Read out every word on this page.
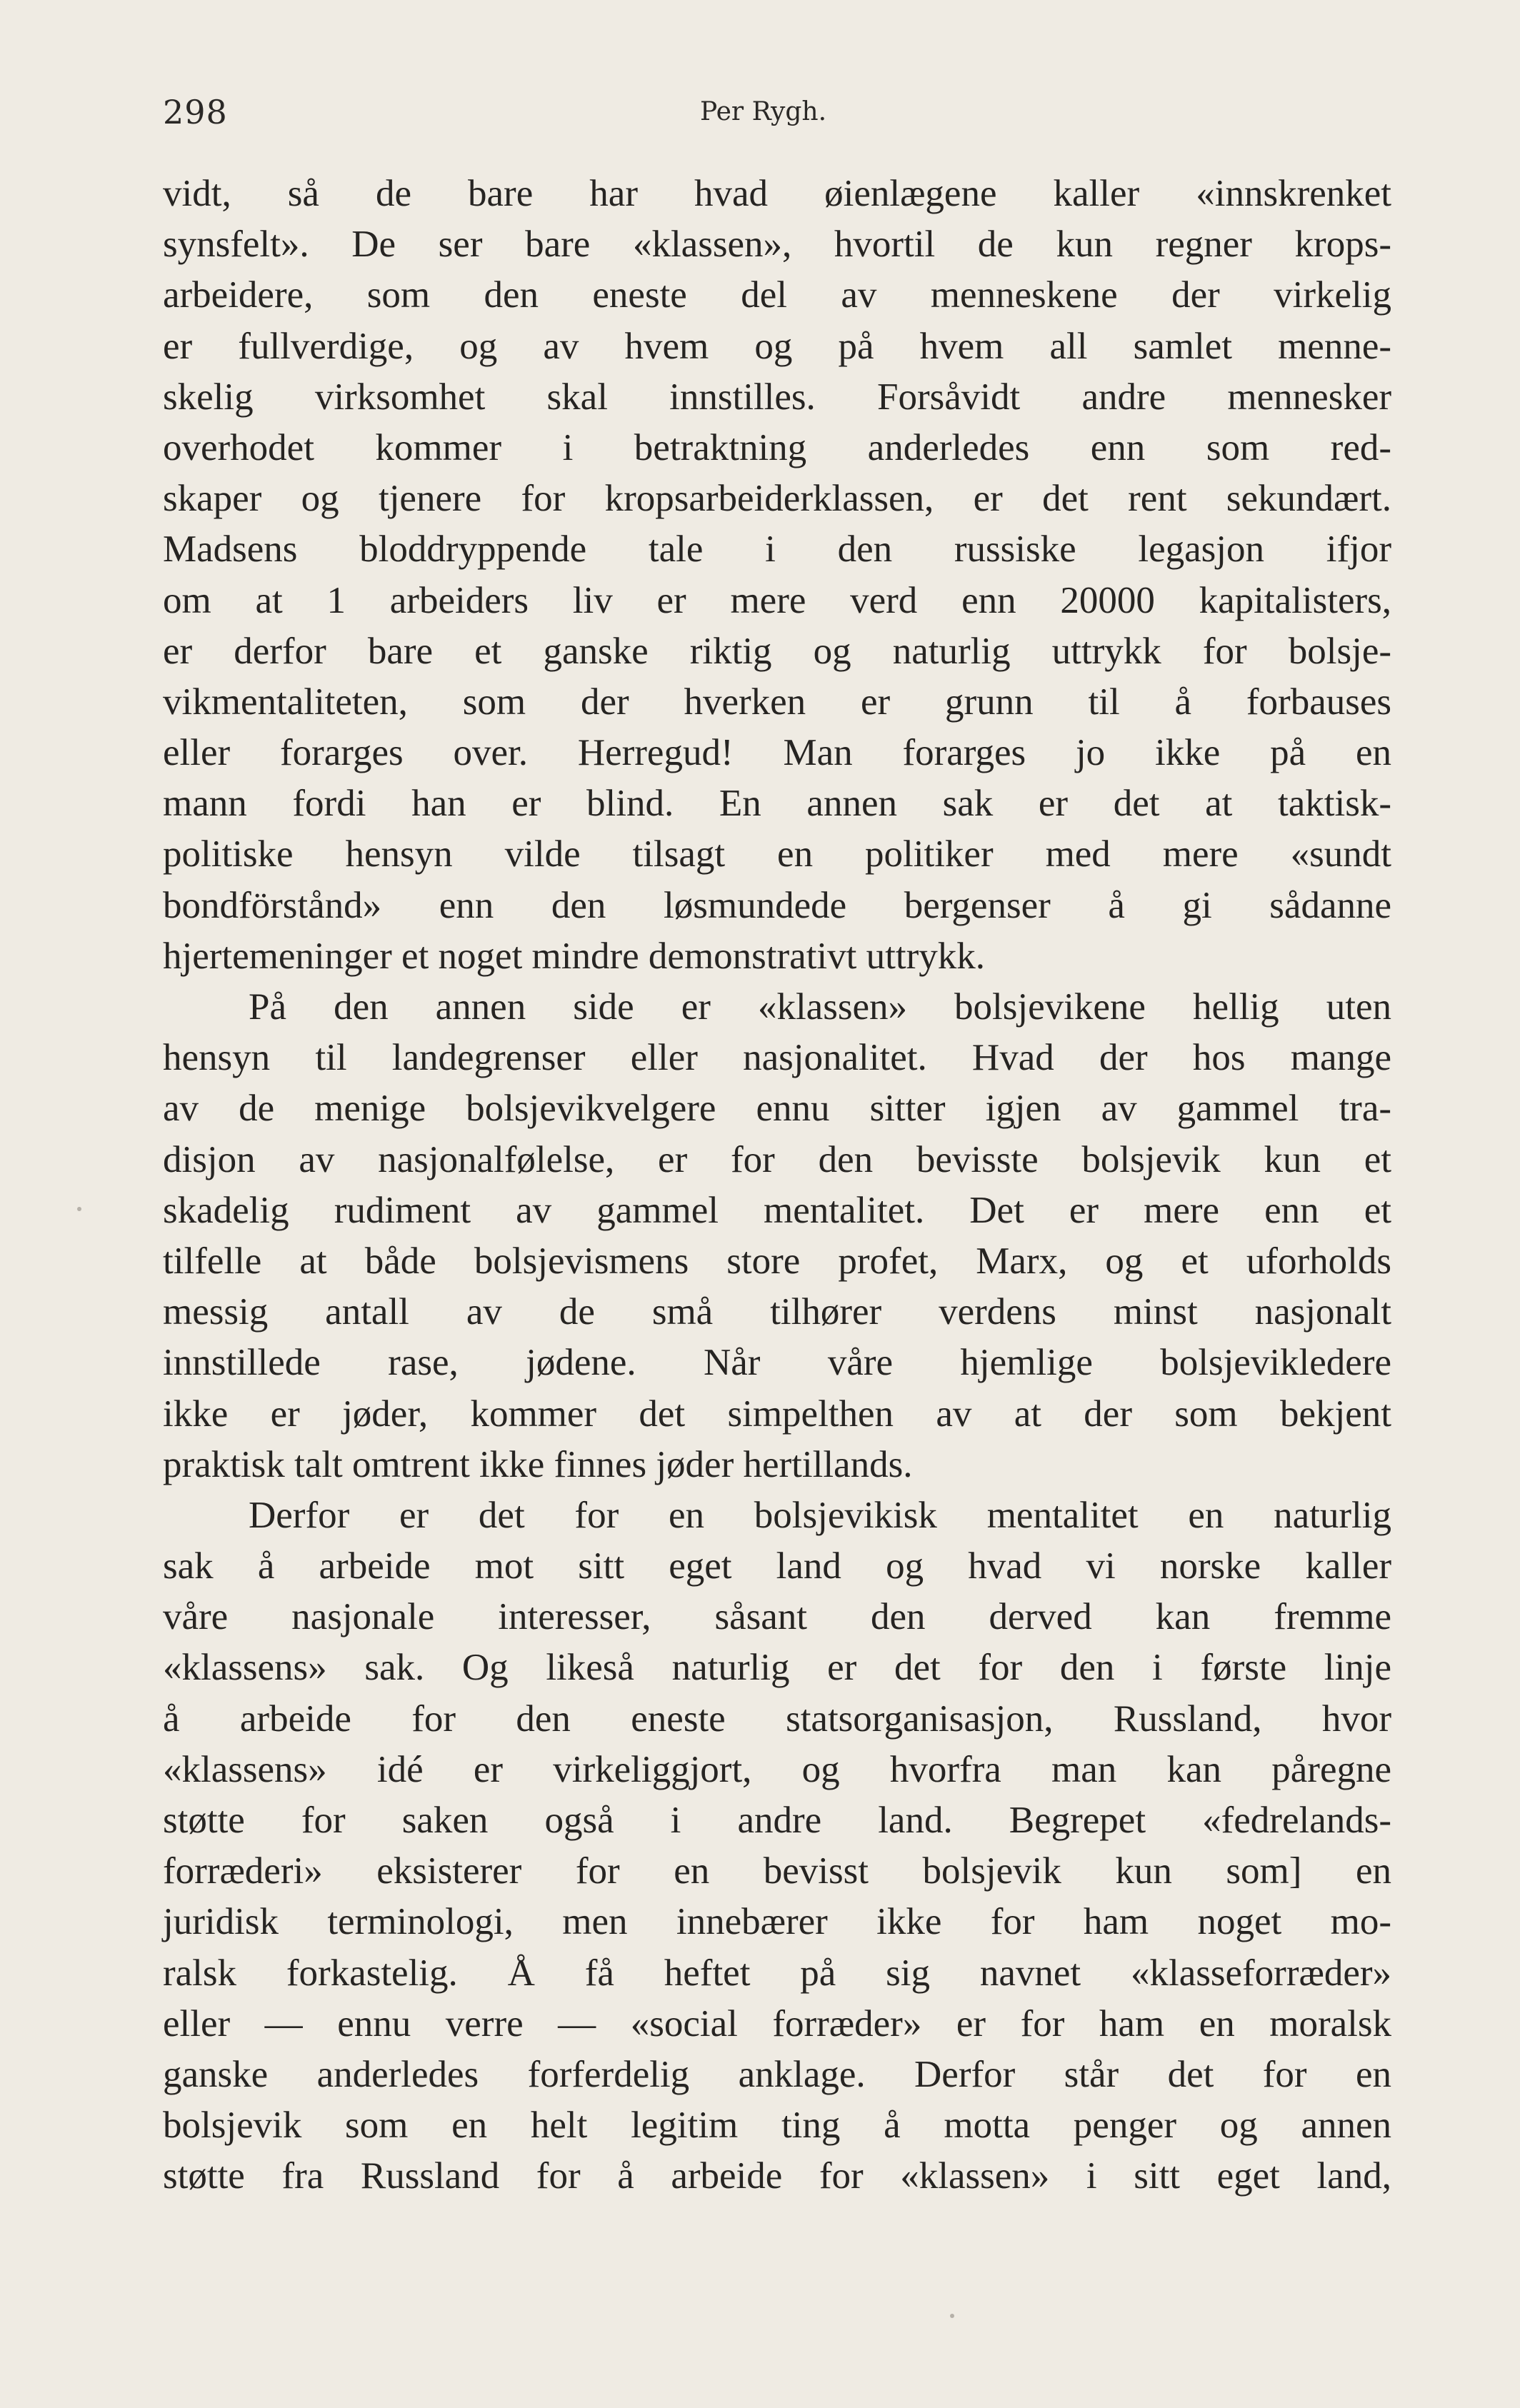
298	Per Rygh.
vidt, så de bare har hvad øienlægene kaller «innskrenket
synsfelt». De ser bare «klassen», hvortil de kun regner krops-
arbeidere, som den eneste del av menneskene der virkelig
er fullverdige, og av hvem og på hvem all samlet menne-
skelig virksomhet skal innstilles. Forsåvidt andre mennesker
overhodet kommer i betraktning anderledes enn som red-
skaper og tjenere for kropsarbeiderklassen, er det rent sekundært.
Madsens bloddryppende tale i den russiske legasjon ifjor
om at 1 arbeiders liv er mere verd enn 20000 kapitalisters,
er derfor bare et ganske riktig og naturlig uttrykk for bolsje-
vikmentaliteten, som der hverken er grunn til å forbauses
eller forarges over. Herregud! Man forarges jo ikke på en
mann fordi han er blind. En annen sak er det at taktisk-
politiske hensyn vilde tilsagt en politiker med mere «sundt
bondförstånd» enn den løsmundede bergenser å gi sådanne
hjertemeninger et noget mindre demonstrativt uttrykk.
På den annen side er «klassen» bolsjevikene hellig uten
hensyn til landegrenser eller nasjonalitet. Hvad der hos mange
av de menige bolsjevikvelgere ennu sitter igjen av gammel tra-
disjon av nasjonalfølelse, er for den bevisste bolsjevik kun et
skadelig rudiment av gammel mentalitet. Det er mere enn et
tilfelle at både bolsjevismens store profet, Marx, og et uforholds
messig antall av de små tilhører verdens minst nasjonalt
innstillede rase, jødene. Når våre hjemlige bolsjevikledere
ikke er jøder, kommer det simpelthen av at der som bekjent
praktisk talt omtrent ikke finnes jøder hertillands.
Derfor er det for en bolsjevikisk mentalitet en naturlig
sak å arbeide mot sitt eget land og hvad vi norske kaller
våre nasjonale interesser, såsant den derved kan fremme
«klassens» sak. Og likeså naturlig er det for den i første linje
å arbeide for den eneste statsorganisasjon, Russland, hvor
«klassens» idé er virkeliggjort, og hvorfra man kan påregne
støtte for saken også i andre land. Begrepet «fedrelands-
forræderi» eksisterer for en bevisst bolsjevik kun som] en
juridisk terminologi, men innebærer ikke for ham noget mo-
ralsk forkastelig. Å få heftet på sig navnet «klasseforræder»
eller — ennu verre — «social forræder» er for ham en moralsk
ganske anderledes forferdelig anklage. Derfor står det for en
bolsjevik som en helt legitim ting å motta penger og annen
støtte fra Russland for å arbeide for «klassen» i sitt eget land,
